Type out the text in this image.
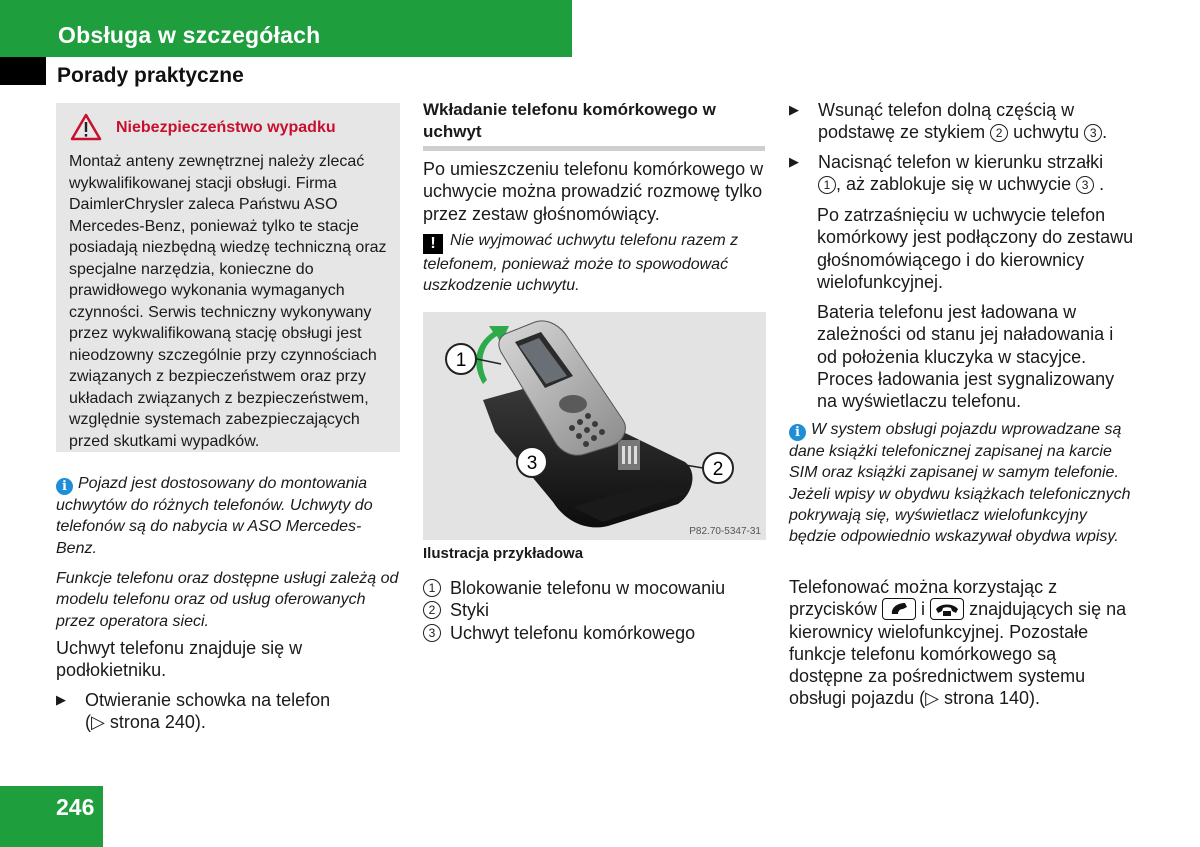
Obsługa w szczegółach
Porady praktyczne
Niebezpieczeństwo wypadku
Montaż anteny zewnętrznej należy zlecać wykwalifikowanej stacji obsługi. Firma DaimlerChrysler zaleca Państwu ASO Mercedes-Benz, ponieważ tylko te stacje posiadają niezbędną wiedzę techniczną oraz specjalne narzędzia, konieczne do prawidłowego wykonania wymaganych czynności. Serwis techniczny wykonywany przez wykwalifikowaną stację obsługi jest nieodzowny szczególnie przy czynnościach związanych z bezpieczeństwem oraz przy układach związanych z bezpieczeństwem, względnie systemach zabezpieczających przed skutkami wypadków.

i Pojazd jest dostosowany do montowania uchwytów do różnych telefonów. Uchwyty do telefonów są do nabycia w ASO Mercedes-Benz.

Funkcje telefonu oraz dostępne usługi zależą od modelu telefonu oraz od usług oferowanych przez operatora sieci.

Uchwyt telefonu znajduje się w podłokietniku.

▶	Otwieranie schowka na telefon
(▷ strona 240).

Wkładanie telefonu komórkowego w uchwyt

Po umieszczeniu telefonu komórkowego w uchwycie można prowadzić rozmowę tylko przez zestaw głośnomówiący.

! Nie wyjmować uchwytu telefonu razem z telefonem, ponieważ może to spowodować uszkodzenie uchwytu.

1
3	2
P82.70-5347-31
Ilustracja przykładowa
1 Blokowanie telefonu w mocowaniu
2 Styki
3 Uchwyt telefonu komórkowego
▶	Wsunąć telefon dolną częścią w podstawę ze stykiem 2 uchwytu 3 .

▶	Nacisnąć telefon w kierunku strzałki
1 , aż zablokuje się w uchwycie 3 .

Po zatrzaśnięciu w uchwycie telefon komórkowy jest podłączony do zestawu głośnomówiącego i do kierownicy wielofunkcyjnej.

Bateria telefonu jest ładowana w zależności od stanu jej naładowania i od położenia kluczyka w stacyjce. Proces ładowania jest sygnalizowany na wyświetlaczu telefonu.

i W system obsługi pojazdu wprowadzane są dane książki telefonicznej zapisanej na karcie SIM oraz książki zapisanej w samym telefonie. Jeżeli wpisy w obydwu książkach telefonicznych pokrywają się, wyświetlacz wielofunkcyjny będzie odpowiednio wskazywał obydwa wpisy.

Telefonować można korzystając z przycisków i znajdujących się na kierownicy wielofunkcyjnej. Pozostałe funkcje telefonu komórkowego są dostępne za pośrednictwem systemu obsługi pojazdu (▷ strona 140).

246
